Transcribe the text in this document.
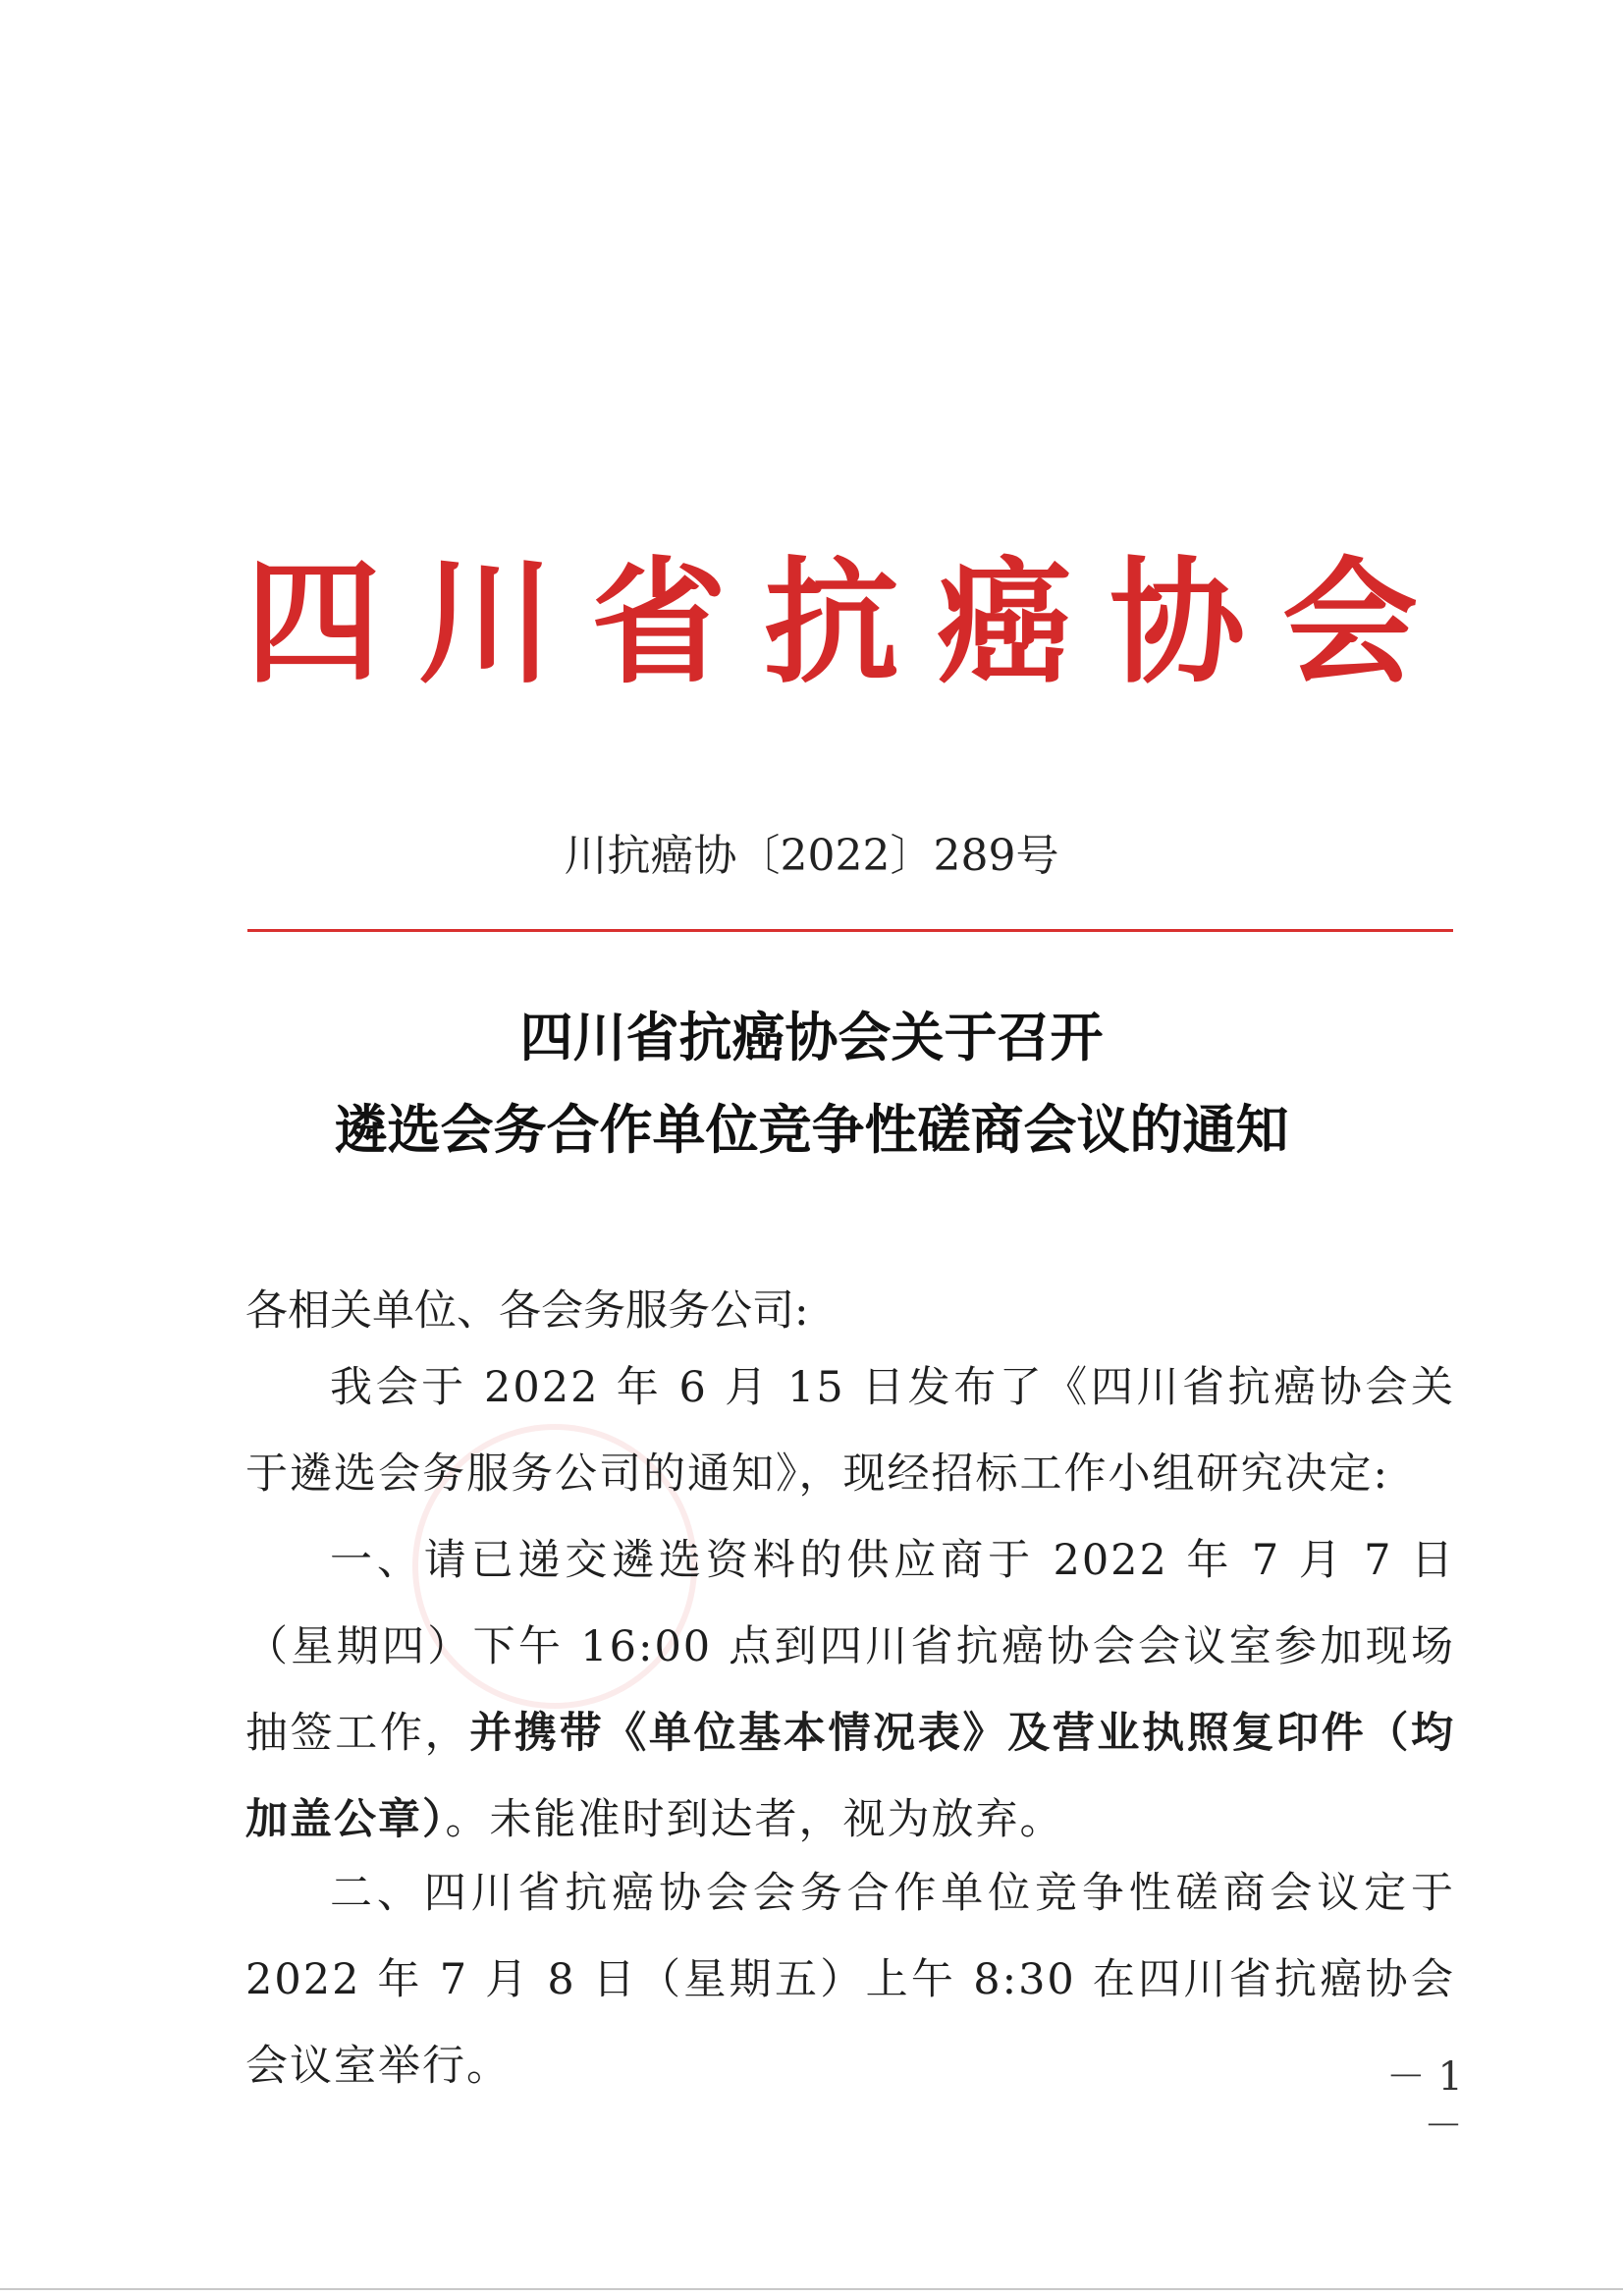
四川省抗癌协会
川抗癌协〔2022〕289号
四川省抗癌协会关于召开
遴选会务合作单位竞争性磋商会议的通知
各相关单位、各会务服务公司:

我会于 2022 年 6 月 15 日发布了《四川省抗癌协会关于遴选会务服务公司的通知》，现经招标工作小组研究决定:

一、请已递交遴选资料的供应商于 2022 年 7 月 7 日（星期四）下午 16:00 点到四川省抗癌协会会议室参加现场抽签工作，并携带《单位基本情况表》及营业执照复印件（均加盖公章）。未能准时到达者，视为放弃。

二、四川省抗癌协会会务合作单位竞争性磋商会议定于 2022 年 7 月 8 日（星期五）上午 8:30 在四川省抗癌协会会议室举行。	－ 1 －
